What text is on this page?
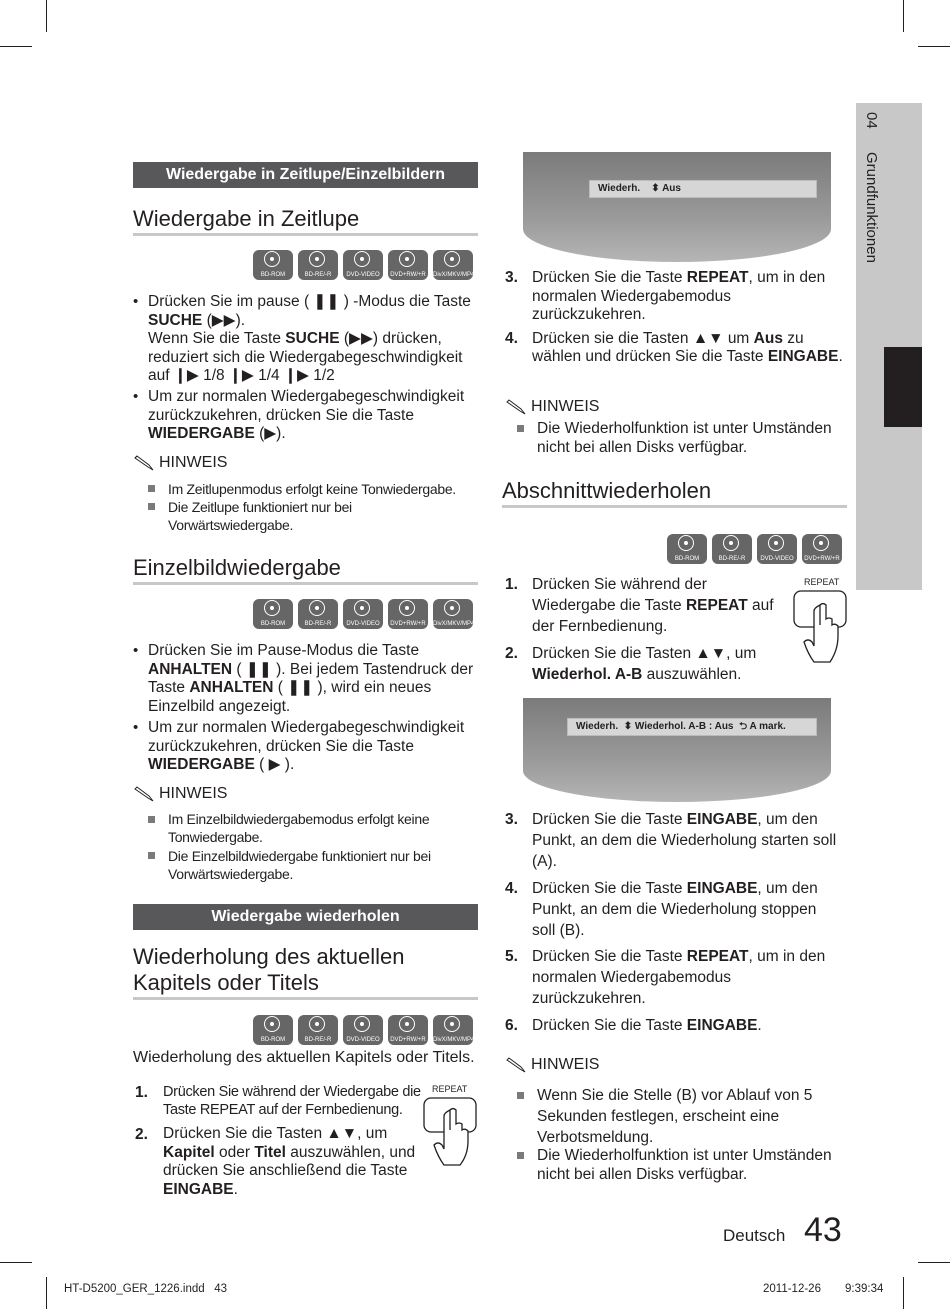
04
Grundfunktionen
Wiedergabe in Zeitlupe/Einzelbildern
Wiedergabe in Zeitlupe
BD-ROM	BD-RE/-R	DVD-VIDEO	DVD+RW/+R	DivX/MKV/MP4
• Drücken Sie im pause ( ❚❚ ) -Modus die Taste
SUCHE (▶▶).
Wenn Sie die Taste SUCHE (▶▶) drücken,
reduziert sich die Wiedergabegeschwindigkeit
auf ❙▶ 1/8 ❙▶ 1/4 ❙▶ 1/2
• Um zur normalen Wiedergabegeschwindigkeit
zurückzukehren, drücken Sie die Taste
WIEDERGABE (▶).
HINWEIS
Im Zeitlupenmodus erfolgt keine Tonwiedergabe.
Die Zeitlupe funktioniert nur bei
Vorwärtswiedergabe.
Einzelbildwiedergabe
BD-ROM	BD-RE/-R	DVD-VIDEO	DVD+RW/+R	DivX/MKV/MP4
• Drücken Sie im Pause-Modus die Taste
ANHALTEN ( ❚❚ ). Bei jedem Tastendruck der
Taste ANHALTEN ( ❚❚ ), wird ein neues
Einzelbild angezeigt.
• Um zur normalen Wiedergabegeschwindigkeit
zurückzukehren, drücken Sie die Taste
WIEDERGABE ( ▶ ).
HINWEIS
Im Einzelbildwiedergabemodus erfolgt keine
Tonwiedergabe.
Die Einzelbildwiedergabe funktioniert nur bei
Vorwärtswiedergabe.
Wiedergabe wiederholen
Wiederholung des aktuellen
Kapitels oder Titels
BD-ROM	BD-RE/-R	DVD-VIDEO	DVD+RW/+R	DivX/MKV/MP4
Wiederholung des aktuellen Kapitels oder Titels.
1. Drücken Sie während der Wiedergabe die
Taste REPEAT auf der Fernbedienung.
2. Drücken Sie die Tasten ▲▼, um
Kapitel oder Titel auszuwählen, und
drücken Sie anschließend die Taste
EINGABE.
REPEAT
Wiederh. ⬍ Aus
3. Drücken Sie die Taste REPEAT, um in den
normalen Wiedergabemodus
zurückzukehren.
4. Drücken sie die Tasten ▲▼ um Aus zu
wählen und drücken Sie die Taste EINGABE.
HINWEIS
Die Wiederholfunktion ist unter Umständen
nicht bei allen Disks verfügbar.
Abschnittwiederholen
BD-ROM	BD-RE/-R	DVD-VIDEO	DVD+RW/+R
1. Drücken Sie während der
Wiedergabe die Taste REPEAT auf
der Fernbedienung.
2. Drücken Sie die Tasten ▲▼, um
Wiederhol. A-B auszuwählen.
REPEAT
Wiederh. ⬍ Wiederhol. A-B : Aus ⮌ A mark.
3. Drücken Sie die Taste EINGABE, um den
Punkt, an dem die Wiederholung starten soll
(A).
4. Drücken Sie die Taste EINGABE, um den
Punkt, an dem die Wiederholung stoppen
soll (B).
5. Drücken Sie die Taste REPEAT, um in den
normalen Wiedergabemodus
zurückzukehren.
6. Drücken Sie die Taste EINGABE.
HINWEIS
Wenn Sie die Stelle (B) vor Ablauf von 5
Sekunden festlegen, erscheint eine
Verbotsmeldung.
Die Wiederholfunktion ist unter Umständen
nicht bei allen Disks verfügbar.
Deutsch 43
HT-D5200_GER_1226.indd   43	2011-12-26 9:39:34
